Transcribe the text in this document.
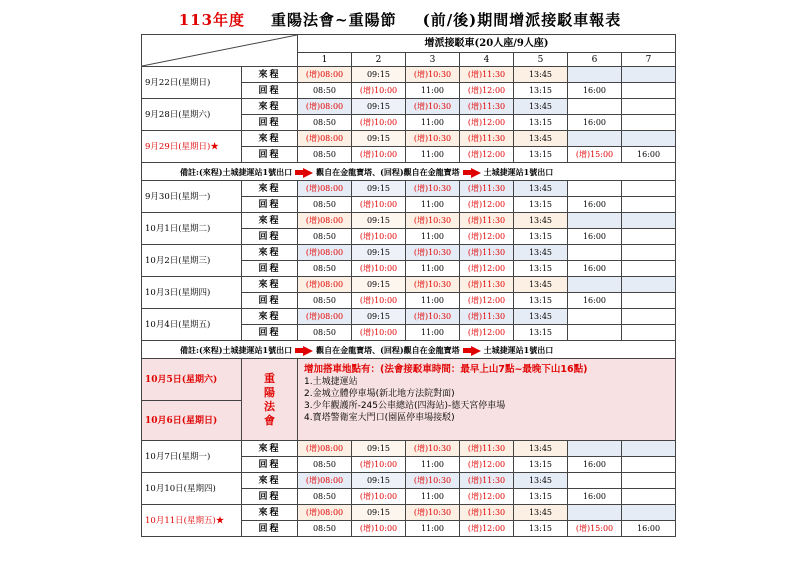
113年度 重陽法會~重陽節 (前/後)期間增派接駁車報表
	增派接駁車(20人座/9人座)						
		1	2	3	4	5	6	7
9月22日(星期日)	來程	(增)08:00	09:15	(增)10:30	(增)11:30	13:45		
	回程	08:50	(增)10:00	11:00	(增)12:00	13:15	16:00	
9月28日(星期六)	來程	(增)08:00	09:15	(增)10:30	(增)11:30	13:45		
	回程	08:50	(增)10:00	11:00	(增)12:00	13:15	16:00	
9月29日(星期日)★	來程	(增)08:00	09:15	(增)10:30	(增)11:30	13:45		
	回程	08:50	(增)10:00	11:00	(增)12:00	13:15	(增)15:00	16:00
備註:(來程)土城捷運站1號出口 觀自在金龍寶塔、(回程)觀自在金龍寶塔 土城捷運站1號出口								
9月30日(星期一)	來程	(增)08:00	09:15	(增)10:30	(增)11:30	13:45		
	回程	08:50	(增)10:00	11:00	(增)12:00	13:15	16:00	
10月1日(星期二)	來程	(增)08:00	09:15	(增)10:30	(增)11:30	13:45		
	回程	08:50	(增)10:00	11:00	(增)12:00	13:15	16:00	
10月2日(星期三)	來程	(增)08:00	09:15	(增)10:30	(增)11:30	13:45		
	回程	08:50	(增)10:00	11:00	(增)12:00	13:15	16:00	
10月3日(星期四)	來程	(增)08:00	09:15	(增)10:30	(增)11:30	13:45		
	回程	08:50	(增)10:00	11:00	(增)12:00	13:15	16:00	
10月4日(星期五)	來程	(增)08:00	09:15	(增)10:30	(增)11:30	13:45		
	回程	08:50	(增)10:00	11:00	(增)12:00	13:15		
備註:(來程)土城捷運站1號出口 觀自在金龍寶塔、(回程)觀自在金龍寶塔 土城捷運站1號出口								
10月5日(星期六)	重陽法會	增加搭車地點有：(法會接駁車時間：最早上山7點~最晚下山16點)
1.土城捷運站
2.金城立體停車場(新北地方法院對面)
3.少年觀護所-245公車總站(四海站)-德天宮停車場
4.寶塔警衛室大門口(園區停車場接駁)						

10月6日(星期日)								
10月7日(星期一)	來程	(增)08:00	09:15	(增)10:30	(增)11:30	13:45		
	回程	08:50	(增)10:00	11:00	(增)12:00	13:15	16:00	
10月10日(星期四)	來程	(增)08:00	09:15	(增)10:30	(增)11:30	13:45		
	回程	08:50	(增)10:00	11:00	(增)12:00	13:15	16:00	
10月11日(星期五)★	來程	(增)08:00	09:15	(增)10:30	(增)11:30	13:45		
	回程	08:50	(增)10:00	11:00	(增)12:00	13:15	(增)15:00	16:00
